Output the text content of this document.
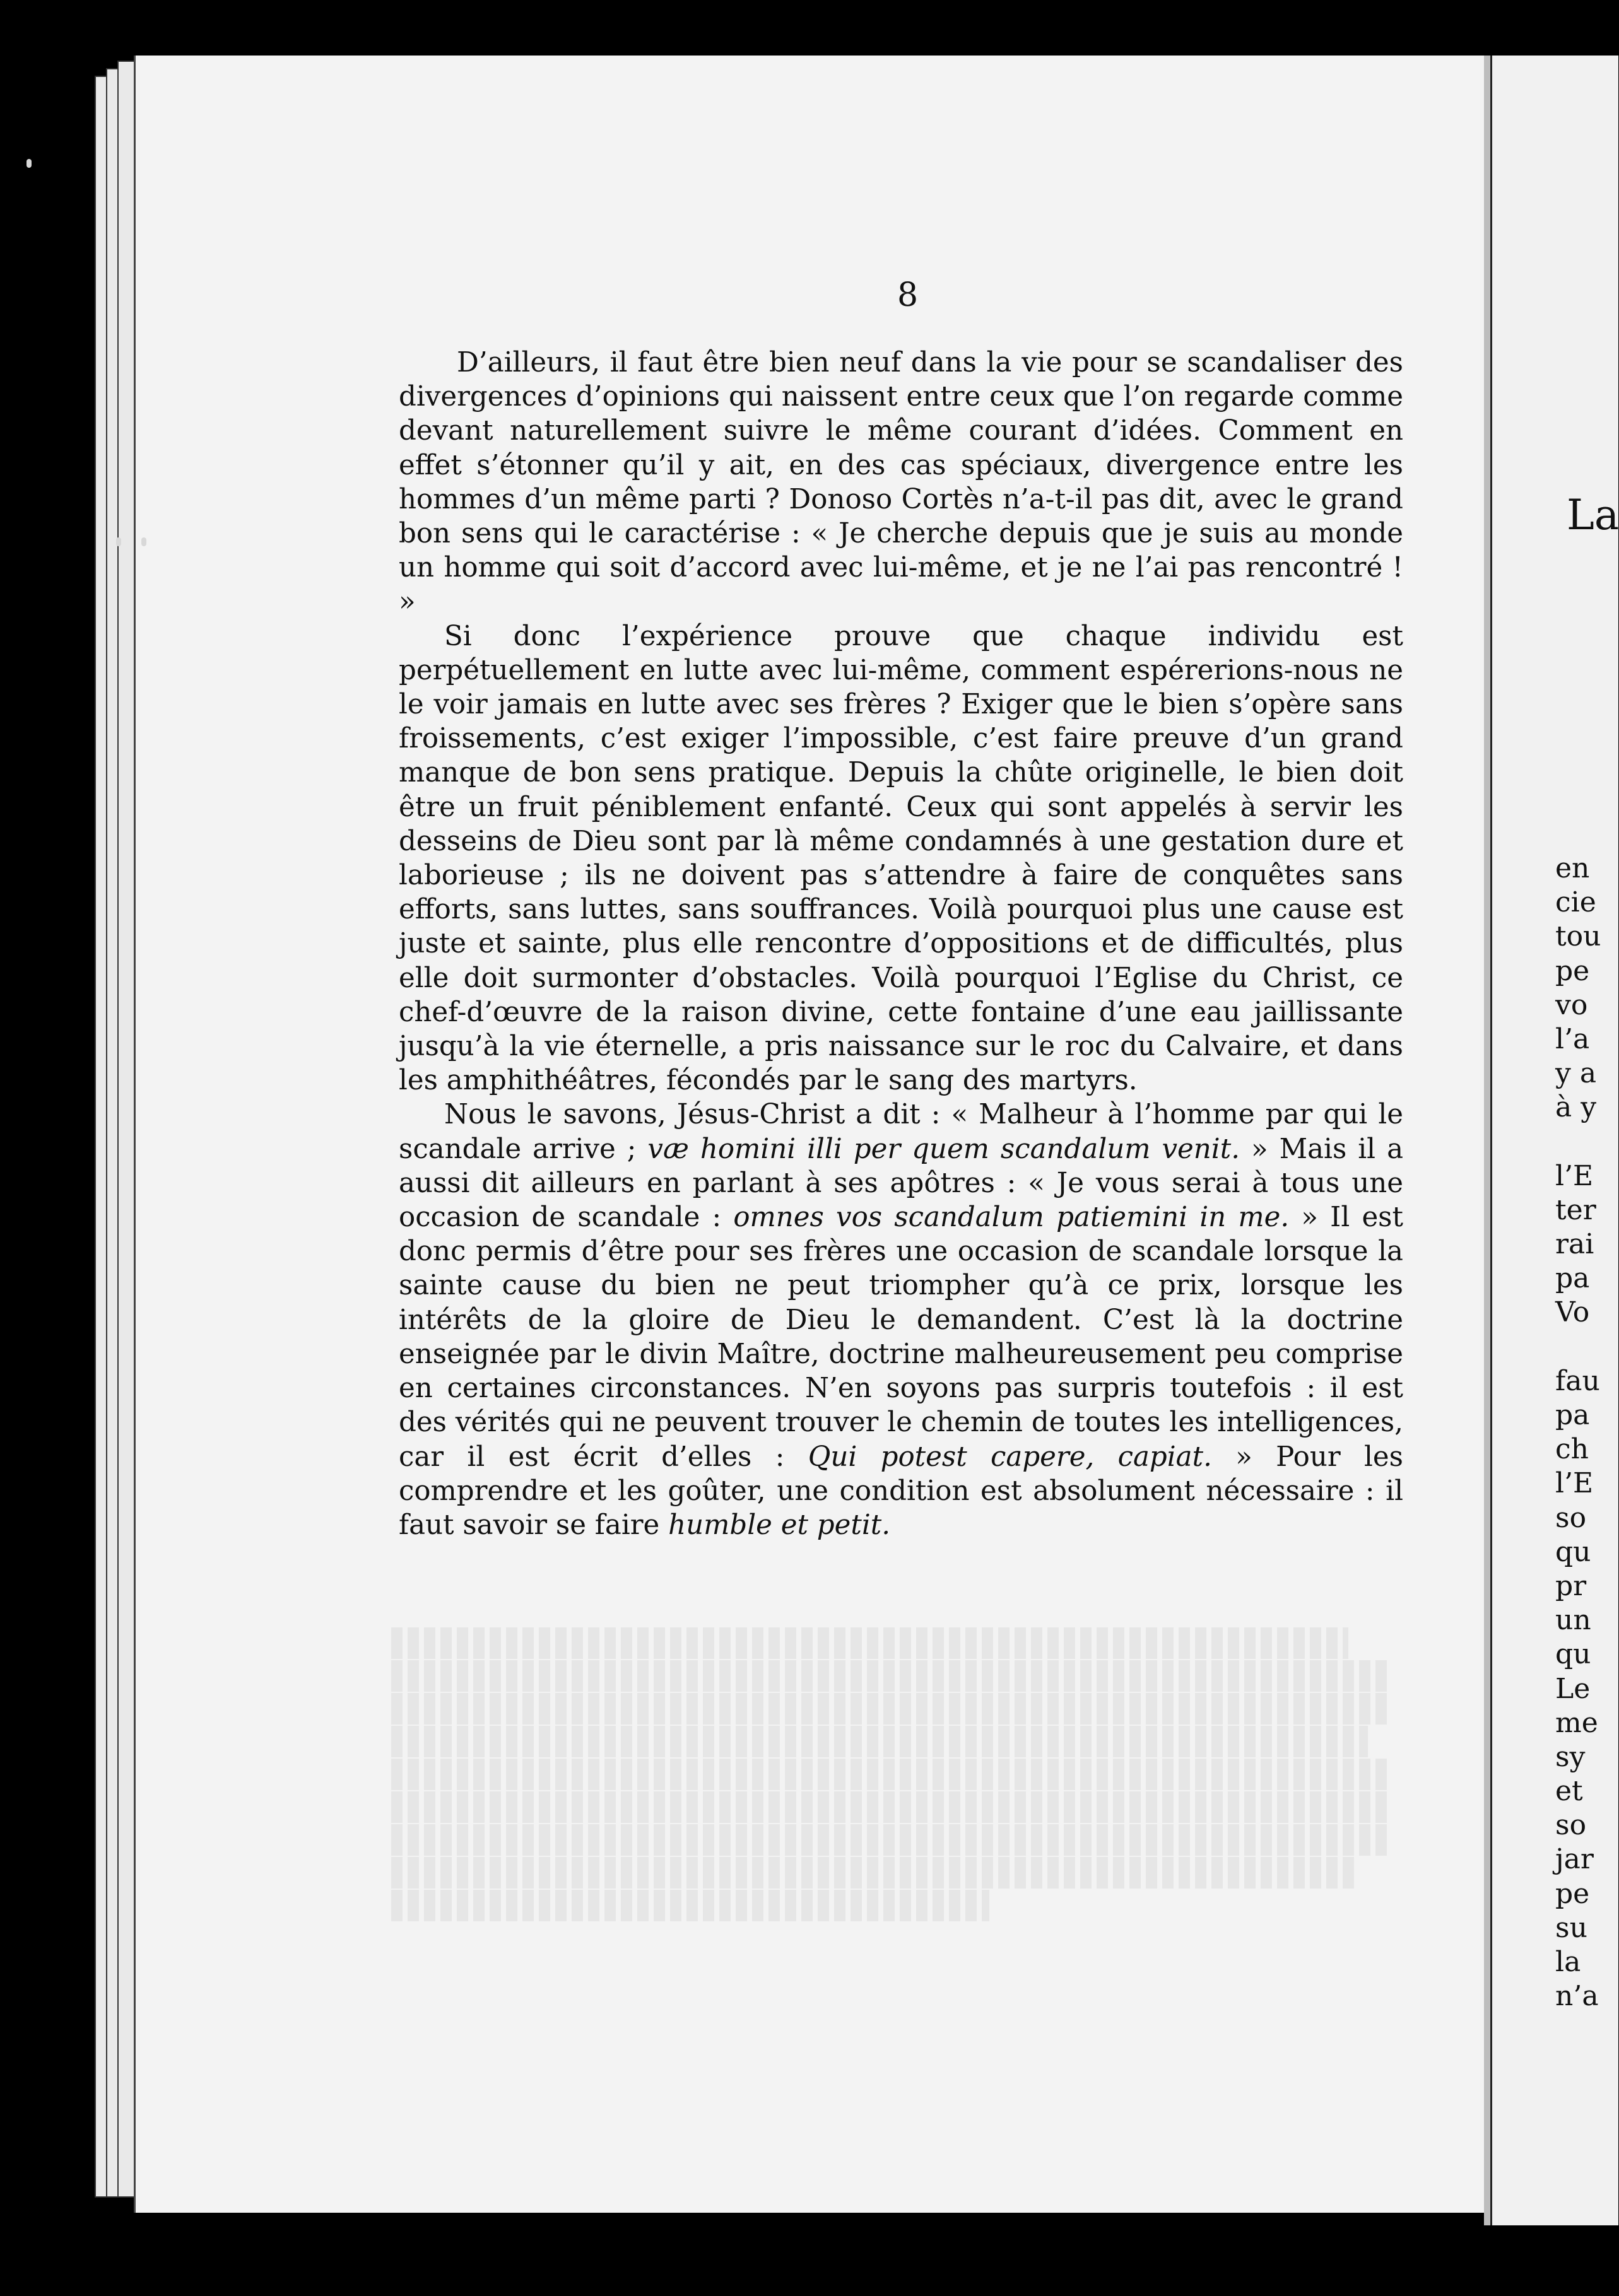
8

D’ailleurs, il faut être bien neuf dans la vie pour se scandaliser des divergences d’opinions qui naissent entre ceux que l’on regarde comme devant naturellement suivre le même courant d’idées. Comment en effet s’étonner qu’il y ait, en des cas spéciaux, divergence entre les hommes d’un même parti ? Donoso Cortès n’a-t-il pas dit, avec le grand bon sens qui le caractérise : « Je cherche depuis que je suis au monde un homme qui soit d’accord avec lui-même, et je ne l’ai pas rencontré ! »

Si donc l’expérience prouve que chaque individu est perpétuellement en lutte avec lui-même, comment espérerions-nous ne le voir jamais en lutte avec ses frères ? Exiger que le bien s’opère sans froissements, c’est exiger l’impossible, c’est faire preuve d’un grand manque de bon sens pratique. Depuis la chûte originelle, le bien doit être un fruit péniblement enfanté. Ceux qui sont appelés à servir les desseins de Dieu sont par là même condamnés à une gestation dure et laborieuse ; ils ne doivent pas s’attendre à faire de conquêtes sans efforts, sans luttes, sans souffrances. Voilà pourquoi plus une cause est juste et sainte, plus elle rencontre d’oppositions et de difficultés, plus elle doit surmonter d’obstacles. Voilà pourquoi l’Eglise du Christ, ce chef-d’œuvre de la raison divine, cette fontaine d’une eau jaillissante jusqu’à la vie éternelle, a pris naissance sur le roc du Calvaire, et dans les amphithéâtres, fécondés par le sang des martyrs.

Nous le savons, Jésus-Christ a dit : « Malheur à l’homme par qui le scandale arrive ; væ homini illi per quem scandalum venit. » Mais il a aussi dit ailleurs en parlant à ses apôtres : « Je vous serai à tous une occasion de scandale : omnes vos scandalum patiemini in me. » Il est donc permis d’être pour ses frères une occasion de scandale lorsque la sainte cause du bien ne peut triompher qu’à ce prix, lorsque les intérêts de la gloire de Dieu le demandent. C’est là la doctrine enseignée par le divin Maître, doctrine malheureusement peu comprise en certaines circonstances. N’en soyons pas surpris toutefois : il est des vérités qui ne peuvent trouver le chemin de toutes les intelligences, car il est écrit d’elles : Qui potest capere, capiat. » Pour les comprendre et les goûter, une condition est absolument nécessaire : il faut savoir se faire humble et petit.

La
en
cie
tou
pe
vo
l’a
y a
à y
l’E
ter
rai
pa
Vo
fau
pa
ch
l’E
so
qu
pr
un
qu
Le
me
sy
et
so
jar
pe
su
la
n’a
